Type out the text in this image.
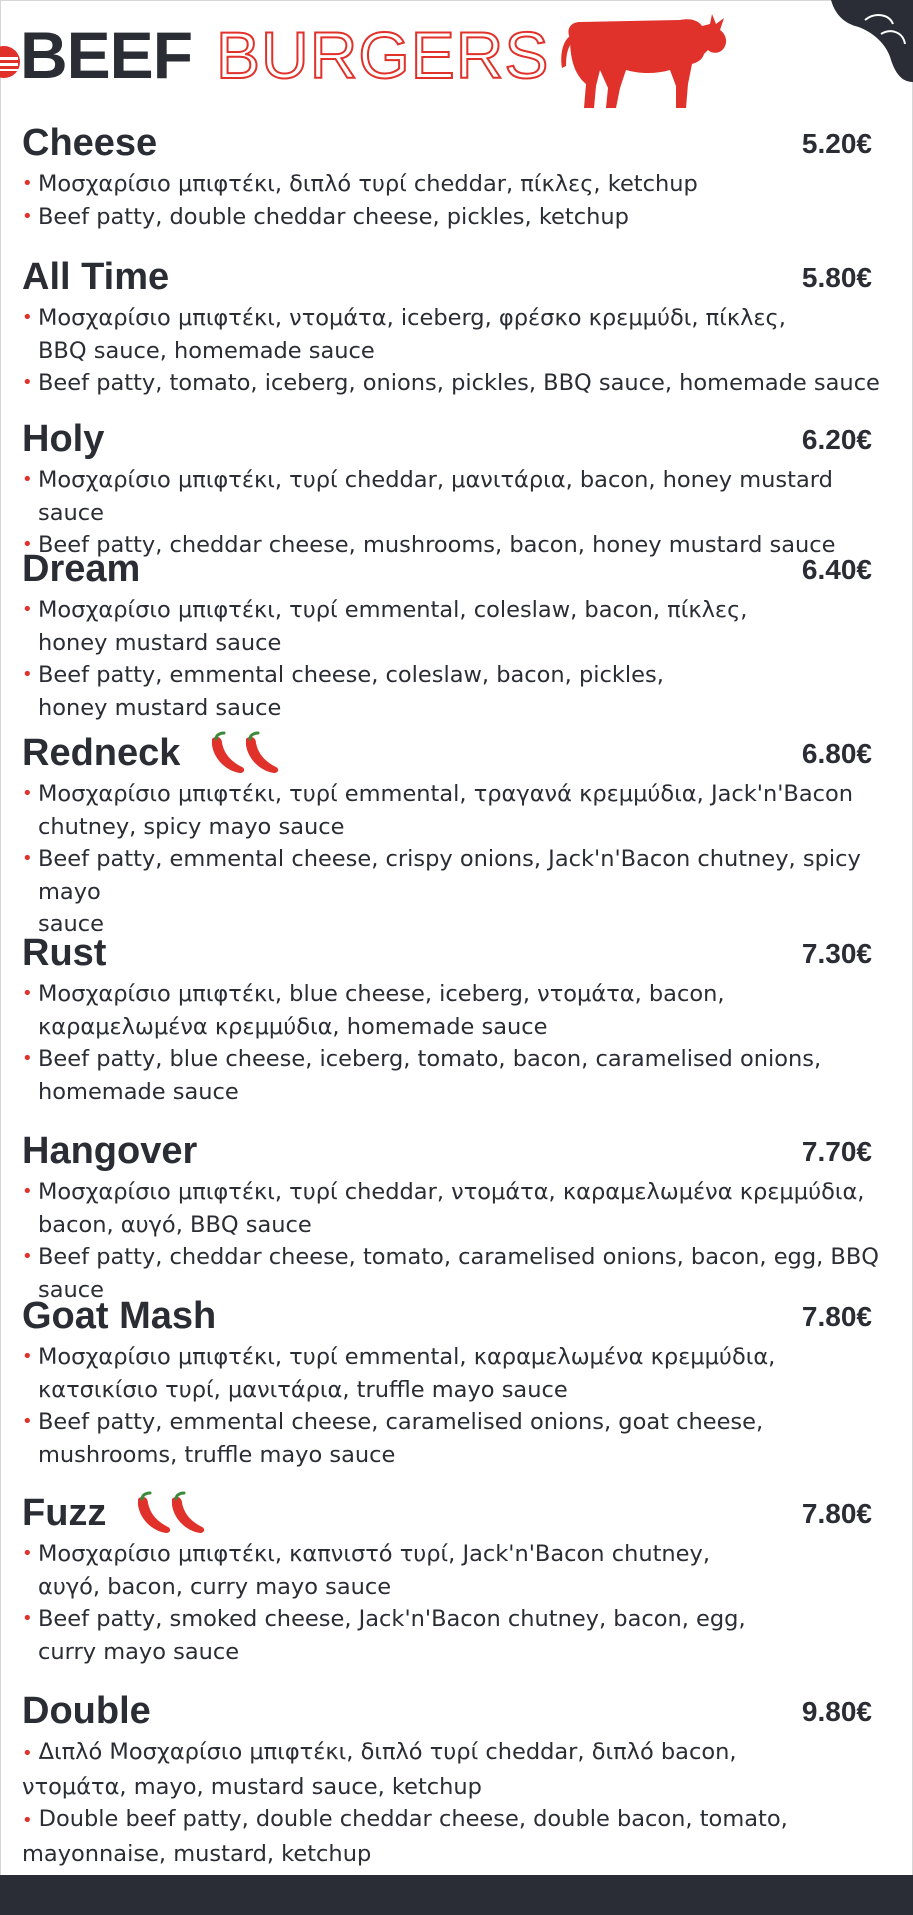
BEEF BURGERS
Cheese	5.20€
• Μοσχαρίσιο μπιφτέκι, διπλό τυρί cheddar, πίκλες, ketchup
• Beef patty, double cheddar cheese, pickles, ketchup
All Time	5.80€
• Μοσχαρίσιο μπιφτέκι, ντομάτα, iceberg, φρέσκο κρεμμύδι, πίκλες,
BBQ sauce, homemade sauce
• Beef patty, tomato, iceberg, onions, pickles, BBQ sauce, homemade sauce
Holy	6.20€
• Μοσχαρίσιο μπιφτέκι, τυρί cheddar, μανιτάρια, bacon, honey mustard sauce
• Beef patty, cheddar cheese, mushrooms, bacon, honey mustard sauce
Dream	6.40€
• Μοσχαρίσιο μπιφτέκι, τυρί emmental, coleslaw, bacon, πίκλες,
honey mustard sauce
• Beef patty, emmental cheese, coleslaw, bacon, pickles,
honey mustard sauce
Redneck	6.80€
• Μοσχαρίσιο μπιφτέκι, τυρί emmental, τραγανά κρεμμύδια, Jack'n'Bacon
chutney, spicy mayo sauce
• Beef patty, emmental cheese, crispy onions, Jack'n'Bacon chutney, spicy mayo
sauce
Rust	7.30€
• Μοσχαρίσιο μπιφτέκι, blue cheese, iceberg, ντομάτα, bacon,
καραμελωμένα κρεμμύδια, homemade sauce
• Beef patty, blue cheese, iceberg, tomato, bacon, caramelised onions,
homemade sauce
Hangover	7.70€
• Μοσχαρίσιο μπιφτέκι, τυρί cheddar, ντομάτα, καραμελωμένα κρεμμύδια,
bacon, αυγό, BBQ sauce
• Beef patty, cheddar cheese, tomato, caramelised onions, bacon, egg, BBQ sauce
Goat Mash	7.80€
• Μοσχαρίσιο μπιφτέκι, τυρί emmental, καραμελωμένα κρεμμύδια,
κατσικίσιο τυρί, μανιτάρια, truffle mayo sauce
• Beef patty, emmental cheese, caramelised onions, goat cheese,
mushrooms, truffle mayo sauce
Fuzz	7.80€
• Μοσχαρίσιο μπιφτέκι, καπνιστό τυρί, Jack'n'Bacon chutney,
αυγό, bacon, curry mayo sauce
• Beef patty, smoked cheese, Jack'n'Bacon chutney, bacon, egg,
curry mayo sauce
Double	9.80€
• Διπλό Μοσχαρίσιο μπιφτέκι, διπλό τυρί cheddar, διπλό bacon,
ντομάτα, mayo, mustard sauce, ketchup
• Double beef patty, double cheddar cheese, double bacon, tomato,
mayonnaise, mustard, ketchup
